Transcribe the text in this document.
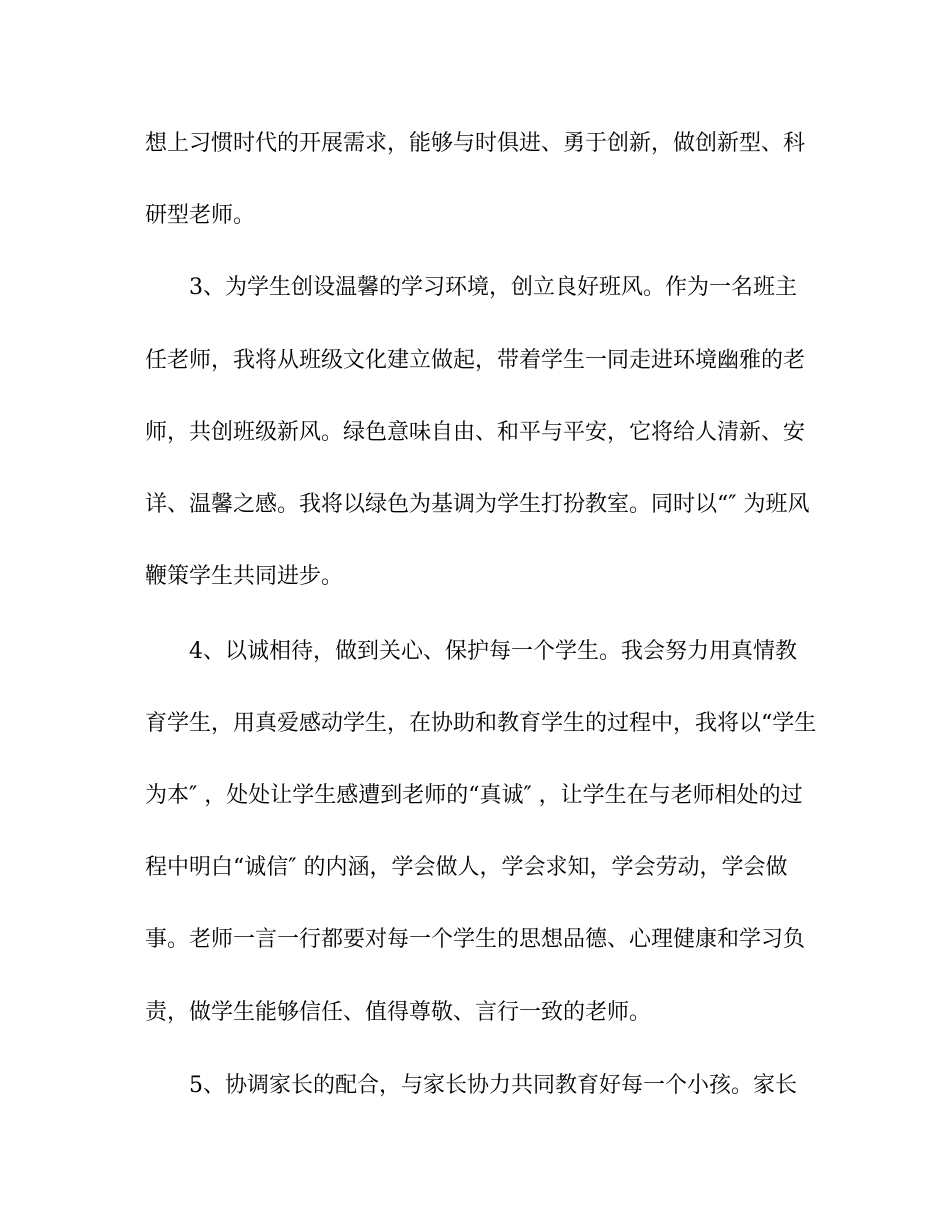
想上习惯时代的开展需求，能够与时俱进、勇于创新，做创新型、科
研型老师。
3、为学生创设温馨的学习环境，创立良好班风。作为一名班主
任老师，我将从班级文化建立做起，带着学生一同走进环境幽雅的老
师，共创班级新风。绿色意味自由、和平与平安，它将给人清新、安
详、温馨之感。我将以绿色为基调为学生打扮教室。同时以“″ 为班风
鞭策学生共同进步。
4、以诚相待，做到关心、保护每一个学生。我会努力用真情教
育学生，用真爱感动学生，在协助和教育学生的过程中，我将以“学生
为本″ ，处处让学生感遭到老师的“真诚″ ，让学生在与老师相处的过
程中明白“诚信″ 的内涵，学会做人，学会求知，学会劳动，学会做
事。老师一言一行都要对每一个学生的思想品德、心理健康和学习负
责，做学生能够信任、值得尊敬、言行一致的老师。
5、协调家长的配合，与家长协力共同教育好每一个小孩。家长
